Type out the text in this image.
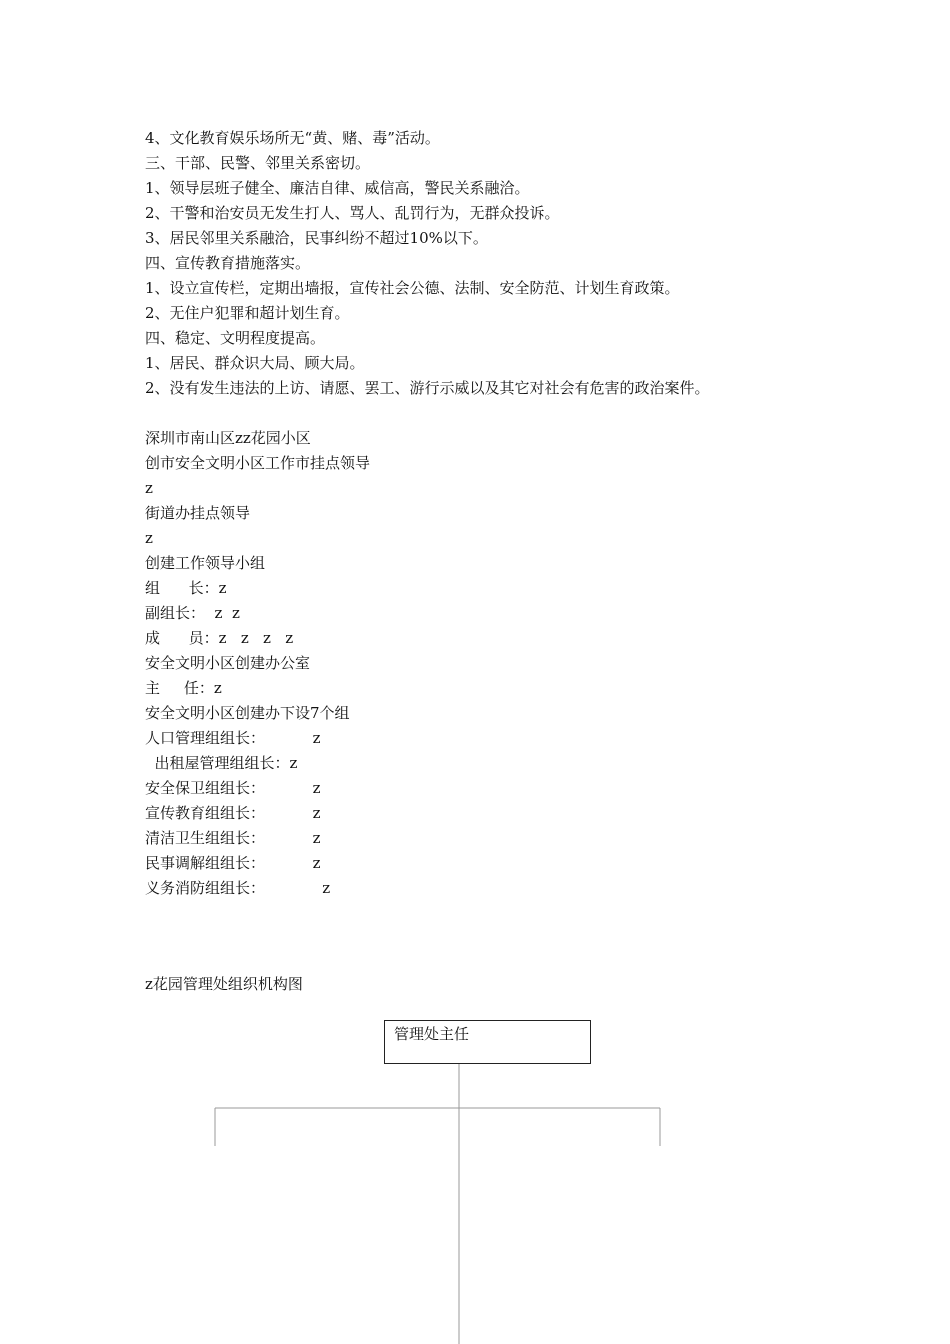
4、文化教育娱乐场所无“黄、赌、毒”活动。
三、干部、民警、邻里关系密切。
1、领导层班子健全、廉洁自律、威信高，警民关系融洽。
2、干警和治安员无发生打人、骂人、乱罚行为，无群众投诉。
3、居民邻里关系融洽，民事纠纷不超过10%以下。
四、宣传教育措施落实。
1、设立宣传栏，定期出墙报，宣传社会公德、法制、安全防范、计划生育政策。
2、无住户犯罪和超计划生育。
四、稳定、文明程度提高。
1、居民、群众识大局、顾大局。
2、没有发生违法的上访、请愿、罢工、游行示威以及其它对社会有危害的政治案件。
深圳市南山区zz花园小区
创市安全文明小区工作市挂点领导
z
街道办挂点领导
z
创建工作领导小组
组      长：z
副组长：  z  z
成      员：z   z   z   z
安全文明小区创建办公室
主     任：z
安全文明小区创建办下设7个组
人口管理组组长：          z
出租屋管理组组长：z
安全保卫组组长：          z
宣传教育组组长：          z
清洁卫生组组长：          z
民事调解组组长：          z
义务消防组组长：            z
z花园管理处组织机构图
管理处主任
